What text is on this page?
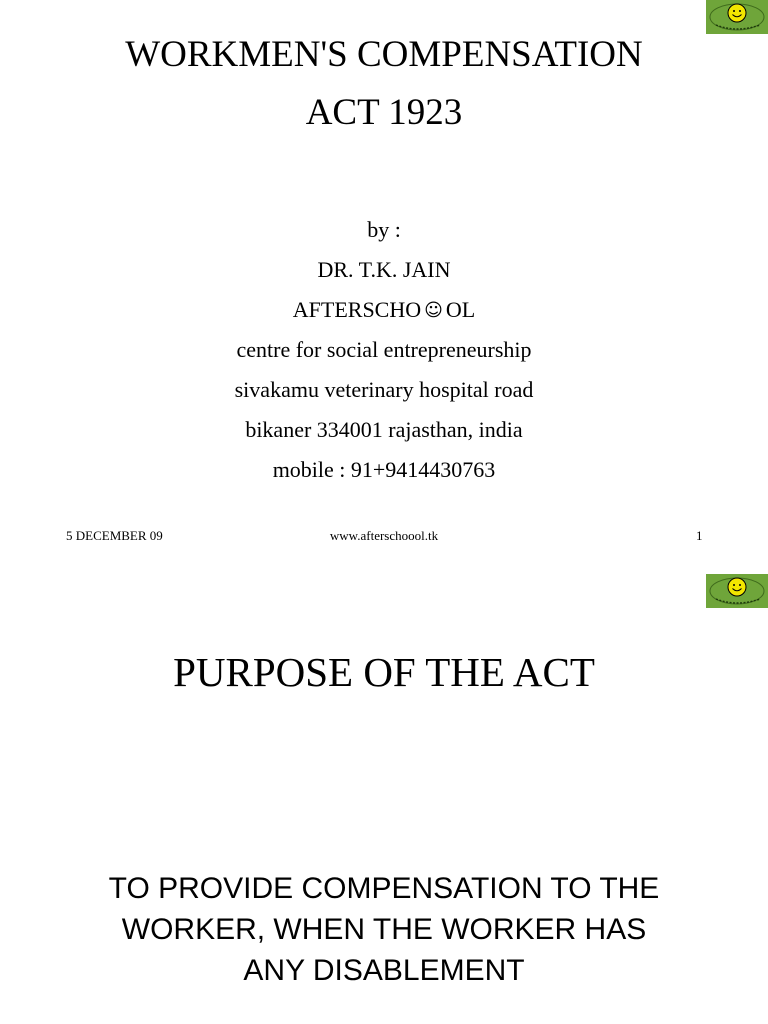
WORKMEN'S COMPENSATION
ACT 1923
by :
DR. T.K. JAIN
AFTERSCHO ☺ OL
centre for social entrepreneurship
sivakamu veterinary hospital road
bikaner 334001 rajasthan, india
mobile : 91+9414430763
5 DECEMBER 09	www.afterschoool.tk	1
PURPOSE OF THE ACT
TO PROVIDE COMPENSATION TO THE
WORKER, WHEN THE WORKER HAS
ANY DISABLEMENT
